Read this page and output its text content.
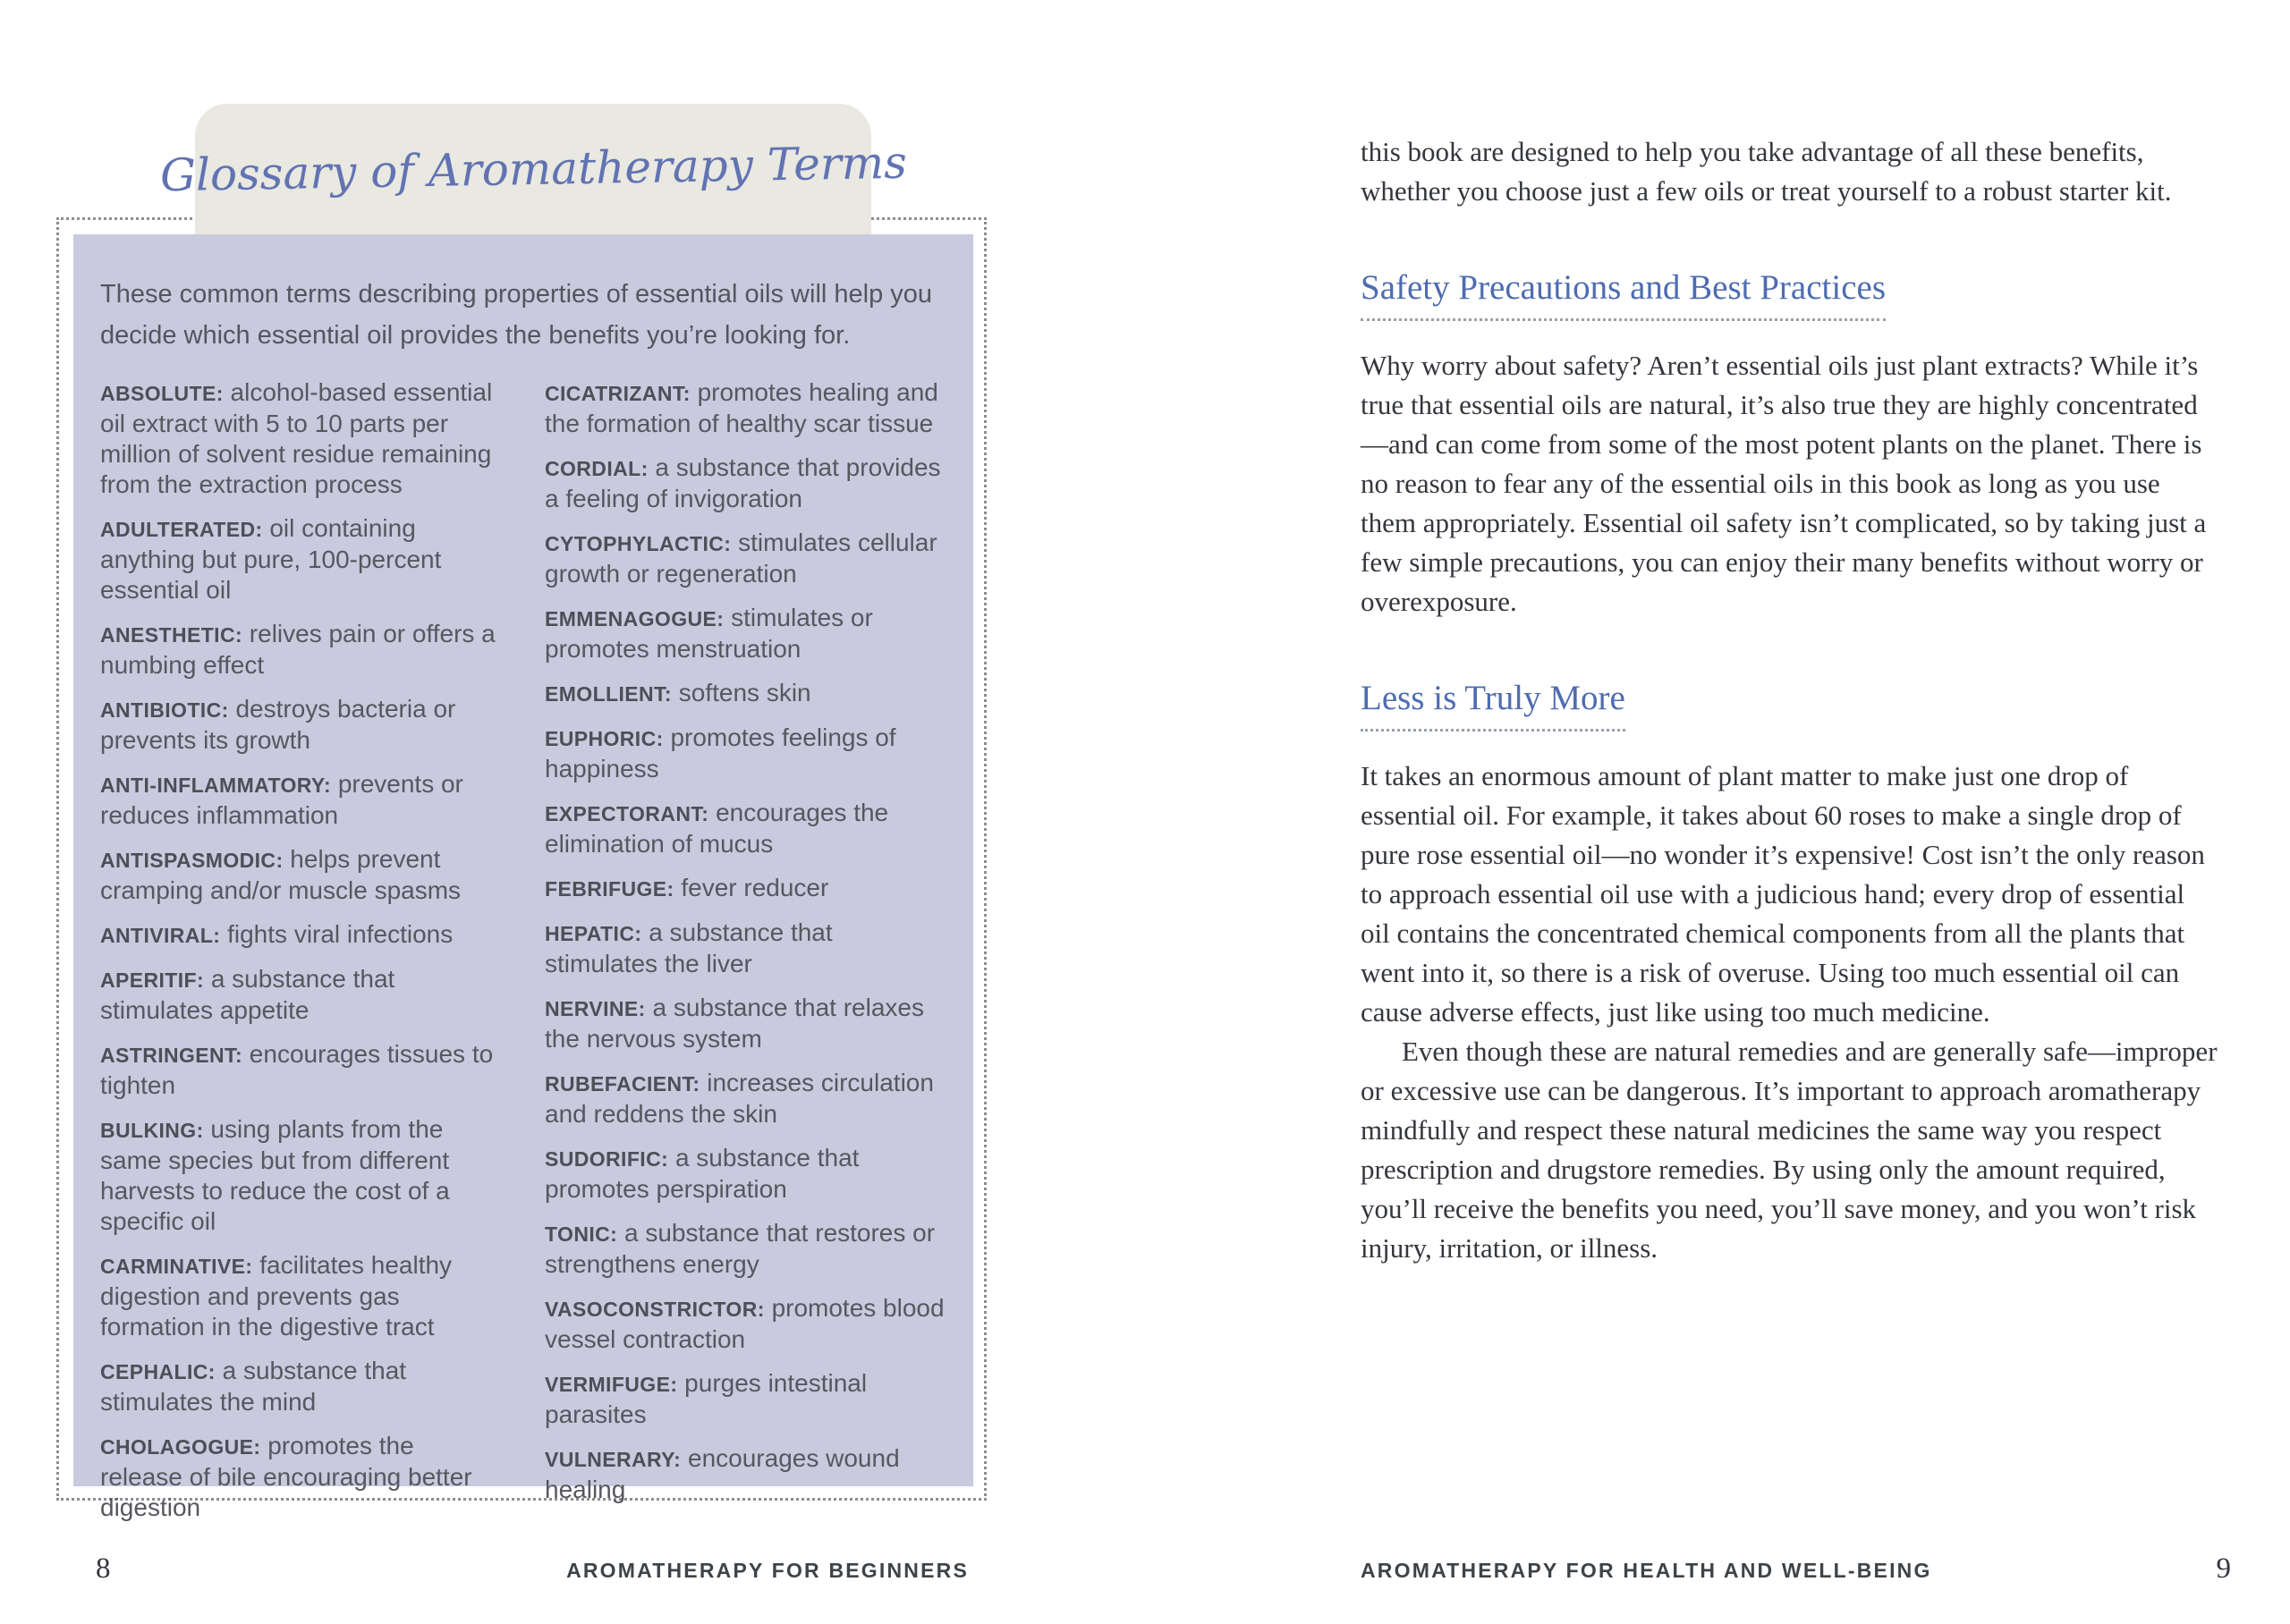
Glossary of Aromatherapy Terms

These common terms describing properties of essential oils will help you decide which essential oil provides the benefits you’re looking for.

ABSOLUTE: alcohol-based essential oil extract with 5 to 10 parts per million of solvent residue remaining from the extraction process

ADULTERATED: oil containing anything but pure, 100-percent essential oil

ANESTHETIC: relives pain or offers a numbing effect

ANTIBIOTIC: destroys bacteria or prevents its growth

ANTI-INFLAMMATORY: prevents or reduces inflammation

ANTISPASMODIC: helps prevent cramping and/or muscle spasms

ANTIVIRAL: fights viral infections

APERITIF: a substance that stimulates appetite

ASTRINGENT: encourages tissues to tighten

BULKING: using plants from the same species but from different harvests to reduce the cost of a specific oil

CARMINATIVE: facilitates healthy digestion and prevents gas formation in the digestive tract

CEPHALIC: a substance that stimulates the mind

CHOLAGOGUE: promotes the release of bile encouraging better digestion

CICATRIZANT: promotes healing and the formation of healthy scar tissue

CORDIAL: a substance that provides a feeling of invigoration

CYTOPHYLACTIC: stimulates cellular growth or regeneration

EMMENAGOGUE: stimulates or promotes menstruation

EMOLLIENT: softens skin

EUPHORIC: promotes feelings of happiness

EXPECTORANT: encourages the elimination of mucus

FEBRIFUGE: fever reducer

HEPATIC: a substance that stimulates the liver

NERVINE: a substance that relaxes the nervous system

RUBEFACIENT: increases circulation and reddens the skin

SUDORIFIC: a substance that promotes perspiration

TONIC: a substance that restores or strengthens energy

VASOCONSTRICTOR: promotes blood vessel contraction

VERMIFUGE: purges intestinal parasites

VULNERARY: encourages wound healing

this book are designed to help you take advantage of all these benefits, whether you choose just a few oils or treat yourself to a robust starter kit.

Safety Precautions and Best Practices

Why worry about safety? Aren’t essential oils just plant extracts? While it’s true that essential oils are natural, it’s also true they are highly concentrated—and can come from some of the most potent plants on the planet. There is no reason to fear any of the essential oils in this book as long as you use them appropriately. Essential oil safety isn’t complicated, so by taking just a few simple precautions, you can enjoy their many benefits without worry or overexposure.

Less is Truly More

It takes an enormous amount of plant matter to make just one drop of essential oil. For example, it takes about 60 roses to make a single drop of pure rose essential oil—no wonder it’s expensive! Cost isn’t the only reason to approach essential oil use with a judicious hand; every drop of essential oil contains the concentrated chemical components from all the plants that went into it, so there is a risk of overuse. Using too much essential oil can cause adverse effects, just like using too much medicine.

Even though these are natural remedies and are generally safe—improper or excessive use can be dangerous. It’s important to approach aromatherapy mindfully and respect these natural medicines the same way you respect prescription and drugstore remedies. By using only the amount required, you’ll receive the benefits you need, you’ll save money, and you won’t risk injury, irritation, or illness.

8	AROMATHERAPY FOR BEGINNERS	AROMATHERAPY FOR HEALTH AND WELL-BEING	9
